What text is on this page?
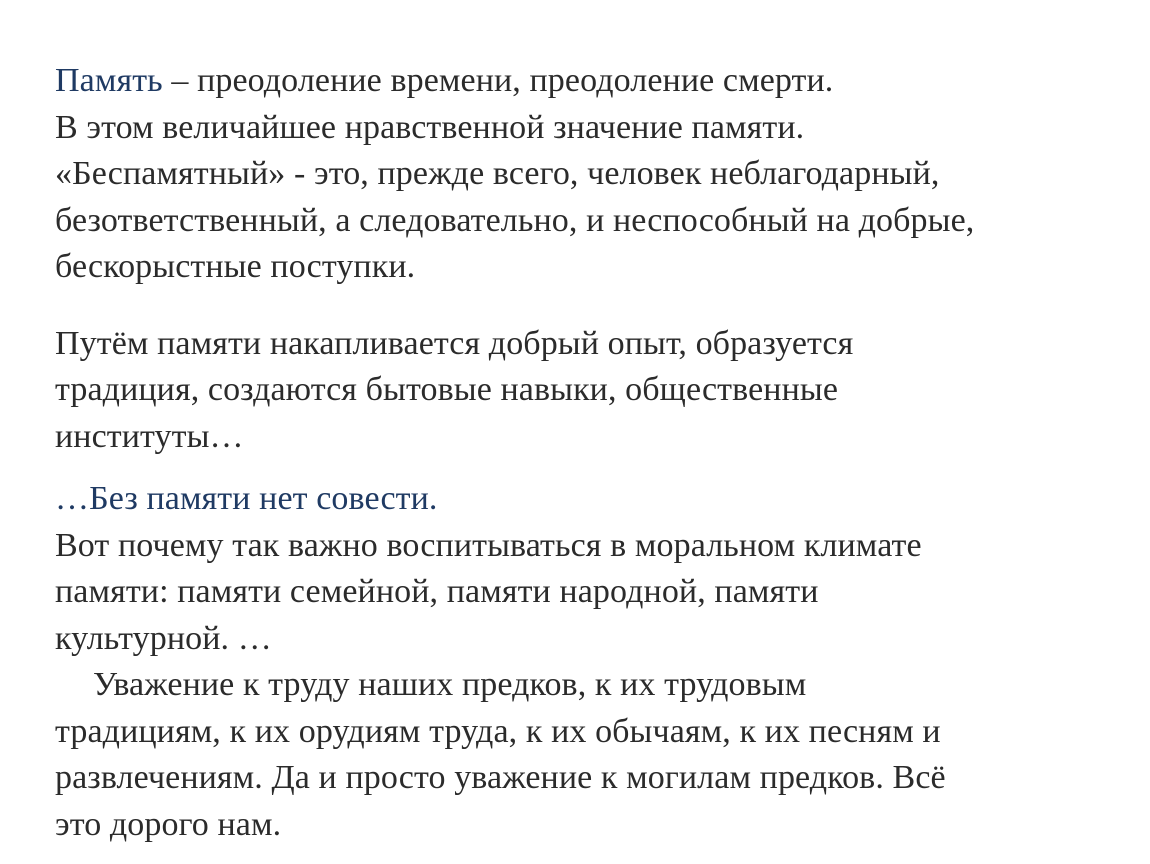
Память – преодоление времени, преодоление смерти.
В этом величайшее нравственной значение памяти.
«Беспамятный» - это, прежде всего, человек неблагодарный,
безответственный, а следовательно, и неспособный на добрые,
бескорыстные поступки.
Путём памяти накапливается добрый опыт, образуется
традиция, создаются бытовые навыки, общественные
институты…
…Без памяти нет совести.
Вот почему так важно воспитываться в моральном климате
памяти: памяти семейной, памяти народной, памяти
культурной. …
Уважение к труду наших предков, к их трудовым
традициям, к их орудиям труда, к их обычаям, к их песням и
развлечениям. Да и просто уважение к могилам предков. Всё
это дорого нам.
